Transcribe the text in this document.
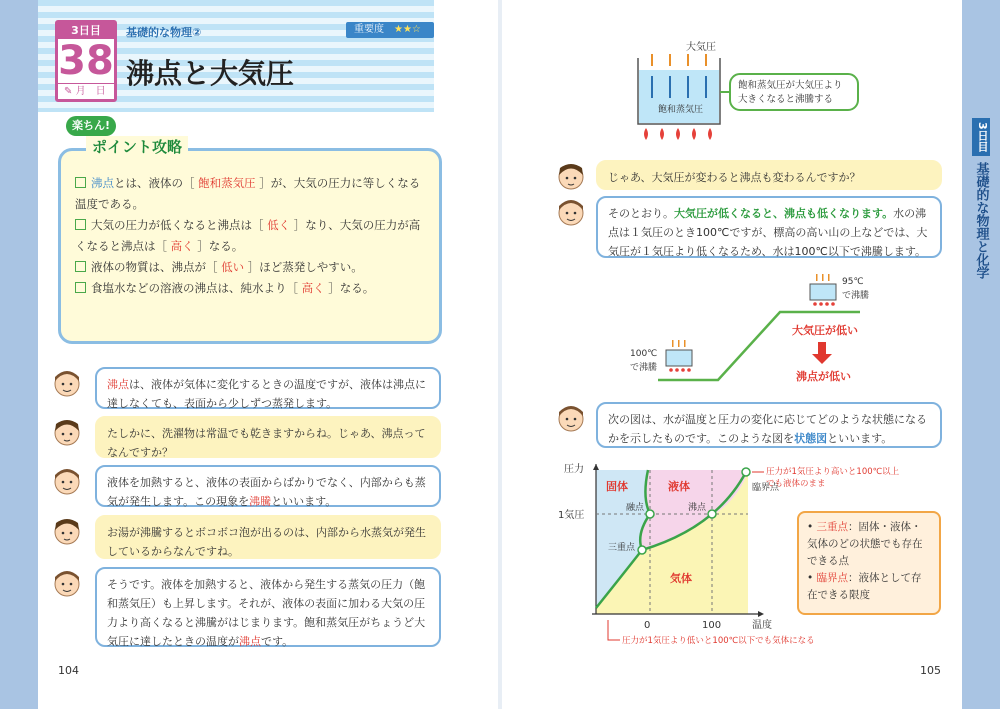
3日目
38
✎ 月　日
基礎的な物理②	重要度　 ★★☆
沸点と大気圧
楽ちん!
沸点とは、液体の［ 飽和蒸気圧 ］が、大気の圧力に等しくなる温度である。
大気の圧力が低くなると沸点は［ 低く ］なり、大気の圧力が高くなると沸点は［ 高く ］なる。
液体の物質は、沸点が［ 低い ］ほど蒸発しやすい。
食塩水などの溶液の沸点は、純水より［ 高く ］なる。
ポイント攻略
沸点は、液体が気体に変化するときの温度ですが、液体は沸点に達しなくても、表面から少しずつ蒸発します。
たしかに、洗濯物は常温でも乾きますからね。じゃあ、沸点ってなんですか？
液体を加熱すると、液体の表面からばかりでなく、内部からも蒸気が発生します。この現象を沸騰といいます。
お湯が沸騰するとボコボコ泡が出るのは、内部から水蒸気が発生しているからなんですね。
そうです。液体を加熱すると、液体から発生する蒸気の圧力（飽和蒸気圧）も上昇します。それが、液体の表面に加わる大気の圧力より高くなると沸騰がはじまります。飽和蒸気圧がちょうど大気圧に達したときの温度が沸点です。
104
大気圧
飽和蒸気圧
飽和蒸気圧が大気圧より
大きくなると沸騰する
じゃあ、大気圧が変わると沸点も変わるんですか？
そのとおり。大気圧が低くなると、沸点も低くなります。水の沸点は１気圧のとき100℃ですが、標高の高い山の上などでは、大気圧が１気圧より低くなるため、水は100℃以下で沸騰します。
95℃
で沸騰
100℃
で沸騰
大気圧が低い
沸点が低い
次の図は、水が温度と圧力の変化に応じてどのような状態になるかを示したものです。このような図を状態図といいます。
圧力
1気圧
0	100	温度
固体	液体
気体
融点	沸点
三重点
臨界点
圧力が1気圧より高いと100℃以上
でも液体のまま
圧力が1気圧より低いと100℃以下でも気体になる
• 三重点：固体・液体・気体のどの状態でも存在できる点
• 臨界点：液体として存在できる限度
105
3日目
基礎的な物理と化学
